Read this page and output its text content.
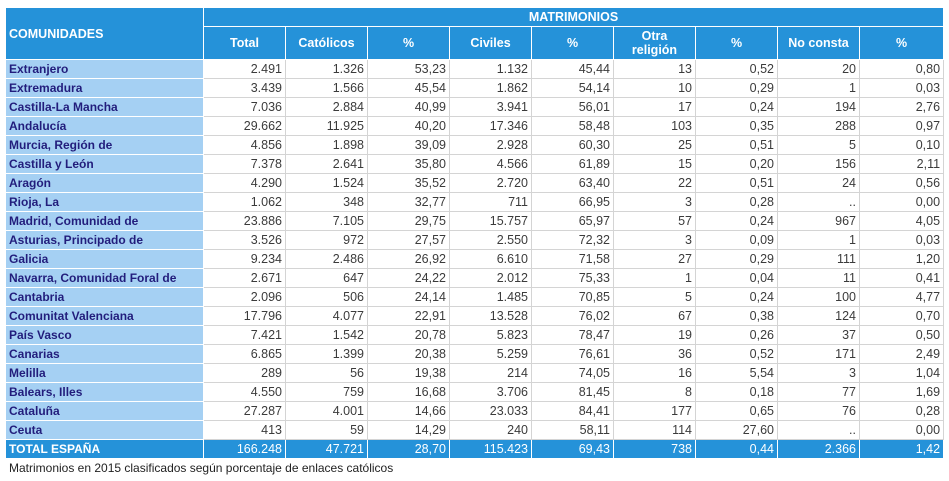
COMUNIDADES	MATRIMONIOS								
	Total	Católicos	%	Civiles	%	Otra religión	%	No consta	%
Extranjero	2.491	1.326	53,23	1.132	45,44	13	0,52	20	0,80
Extremadura	3.439	1.566	45,54	1.862	54,14	10	0,29	1	0,03
Castilla-La Mancha	7.036	2.884	40,99	3.941	56,01	17	0,24	194	2,76
Andalucía	29.662	11.925	40,20	17.346	58,48	103	0,35	288	0,97
Murcia, Región de	4.856	1.898	39,09	2.928	60,30	25	0,51	5	0,10
Castilla y León	7.378	2.641	35,80	4.566	61,89	15	0,20	156	2,11
Aragón	4.290	1.524	35,52	2.720	63,40	22	0,51	24	0,56
Rioja, La	1.062	348	32,77	711	66,95	3	0,28	..	0,00
Madrid, Comunidad de	23.886	7.105	29,75	15.757	65,97	57	0,24	967	4,05
Asturias, Principado de	3.526	972	27,57	2.550	72,32	3	0,09	1	0,03
Galicia	9.234	2.486	26,92	6.610	71,58	27	0,29	111	1,20
Navarra, Comunidad Foral de	2.671	647	24,22	2.012	75,33	1	0,04	11	0,41
Cantabria	2.096	506	24,14	1.485	70,85	5	0,24	100	4,77
Comunitat Valenciana	17.796	4.077	22,91	13.528	76,02	67	0,38	124	0,70
País Vasco	7.421	1.542	20,78	5.823	78,47	19	0,26	37	0,50
Canarias	6.865	1.399	20,38	5.259	76,61	36	0,52	171	2,49
Melilla	289	56	19,38	214	74,05	16	5,54	3	1,04
Balears, Illes	4.550	759	16,68	3.706	81,45	8	0,18	77	1,69
Cataluña	27.287	4.001	14,66	23.033	84,41	177	0,65	76	0,28
Ceuta	413	59	14,29	240	58,11	114	27,60	..	0,00
TOTAL ESPAÑA	166.248	47.721	28,70	115.423	69,43	738	0,44	2.366	1,42

Matrimonios en 2015 clasificados según porcentaje de enlaces católicos
